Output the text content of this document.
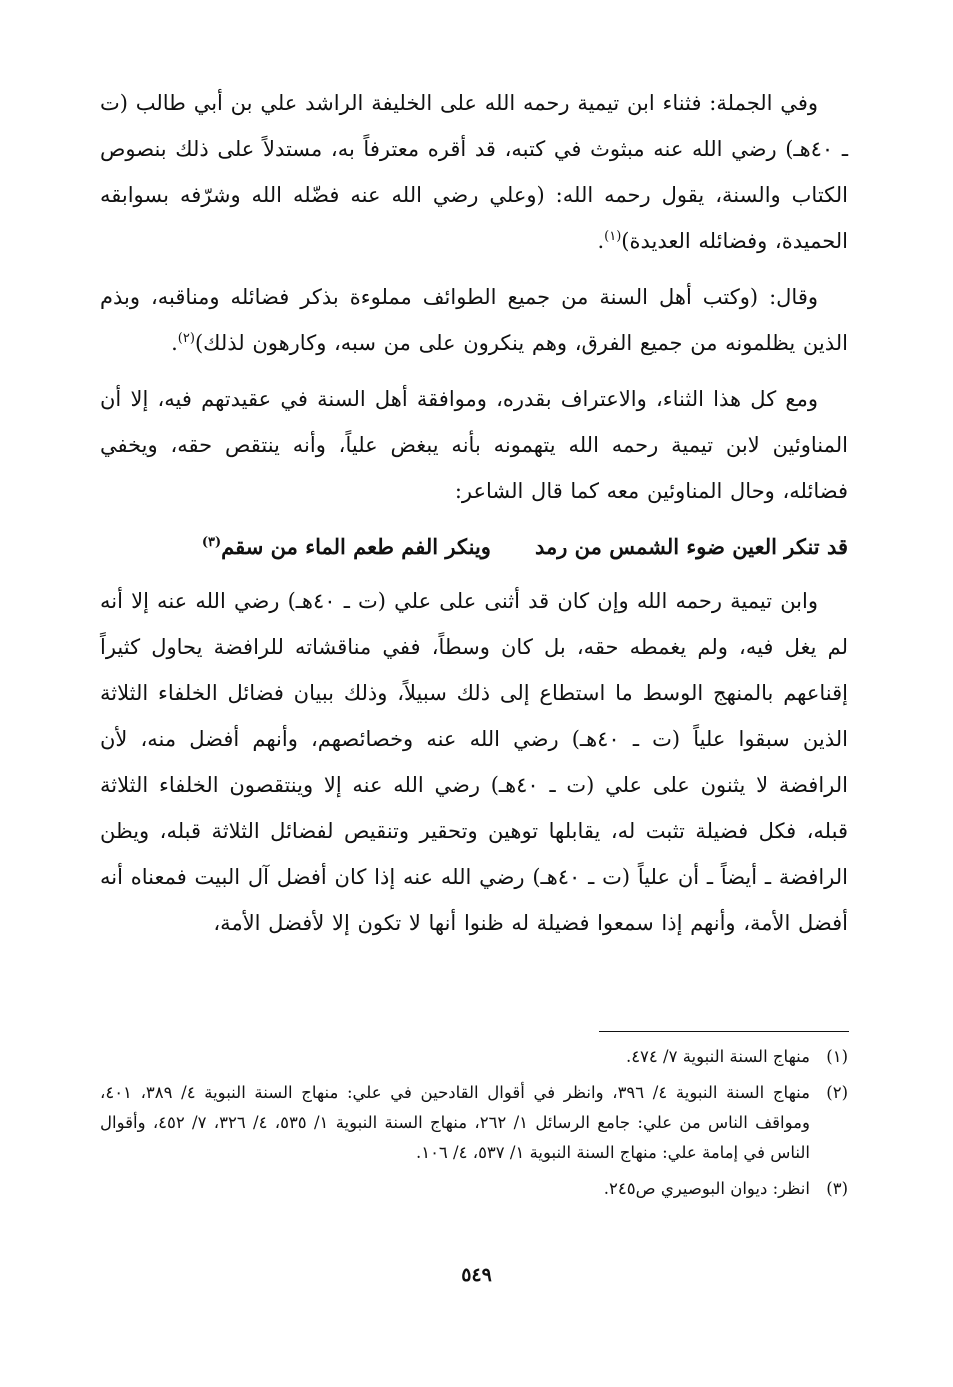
وفي الجملة: فثناء ابن تيمية رحمه الله على الخليفة الراشد علي بن أبي طالب (ت ـ ٤٠هـ) رضي الله عنه مبثوث في كتبه، قد أقره معترفاً به، مستدلاً على ذلك بنصوص الكتاب والسنة، يقول رحمه الله: (وعلي رضي الله عنه فضّله الله وشرّفه بسوابقه الحميدة، وفضائله العديدة)$^{(١)}$.

وقال: (وكتب أهل السنة من جميع الطوائف مملوءة بذكر فضائله ومناقبه، وبذم الذين يظلمونه من جميع الفرق، وهم ينكرون على من سبه، وكارهون لذلك)$^{(٢)}$.

ومع كل هذا الثناء، والاعتراف بقدره، وموافقة أهل السنة في عقيدتهم فيه، إلا أن المناوئين لابن تيمية رحمه الله يتهمونه بأنه يبغض علياً، وأنه ينتقص حقه، ويخفي فضائله، وحال المناوئين معه كما قال الشاعر:

قد تنكر العين ضوء الشمس من رمد
وينكر الفم طعم الماء من سقم$^{(٣)}$

وابن تيمية رحمه الله وإن كان قد أثنى على علي (ت ـ ٤٠هـ) رضي الله عنه إلا أنه لم يغل فيه، ولم يغمطه حقه، بل كان وسطاً، ففي مناقشاته للرافضة يحاول كثيراً إقناعهم بالمنهج الوسط ما استطاع إلى ذلك سبيلاً، وذلك ببيان فضائل الخلفاء الثلاثة الذين سبقوا علياً (ت ـ ٤٠هـ) رضي الله عنه وخصائصهم، وأنهم أفضل منه، لأن الرافضة لا يثنون على علي (ت ـ ٤٠هـ) رضي الله عنه إلا وينتقصون الخلفاء الثلاثة قبله، فكل فضيلة تثبت له، يقابلها توهين وتحقير وتنقيص لفضائل الثلاثة قبله، ويظن الرافضة ـ أيضاً ـ أن علياً (ت ـ ٤٠هـ) رضي الله عنه إذا كان أفضل آل البيت فمعناه أنه أفضل الأمة، وأنهم إذا سمعوا فضيلة له ظنوا أنها لا تكون إلا لأفضل الأمة،

(١)
منهاج السنة النبوية ٧/ ٤٧٤.
(٢)
منهاج السنة النبوية ٤/ ٣٩٦، وانظر في أقوال القادحين في علي: منهاج السنة النبوية ٤/ ٣٨٩، ٤٠١، ومواقف الناس من علي: جامع الرسائل ١/ ٢٦٢، منهاج السنة النبوية ١/ ٥٣٥، ٤/ ٣٢٦، ٧/ ٤٥٢، وأقوال الناس في إمامة علي: منهاج السنة النبوية ١/ ٥٣٧، ٤/ ١٠٦.
(٣)
انظر: ديوان البوصيري ص٢٤٥.
٥٤٩
